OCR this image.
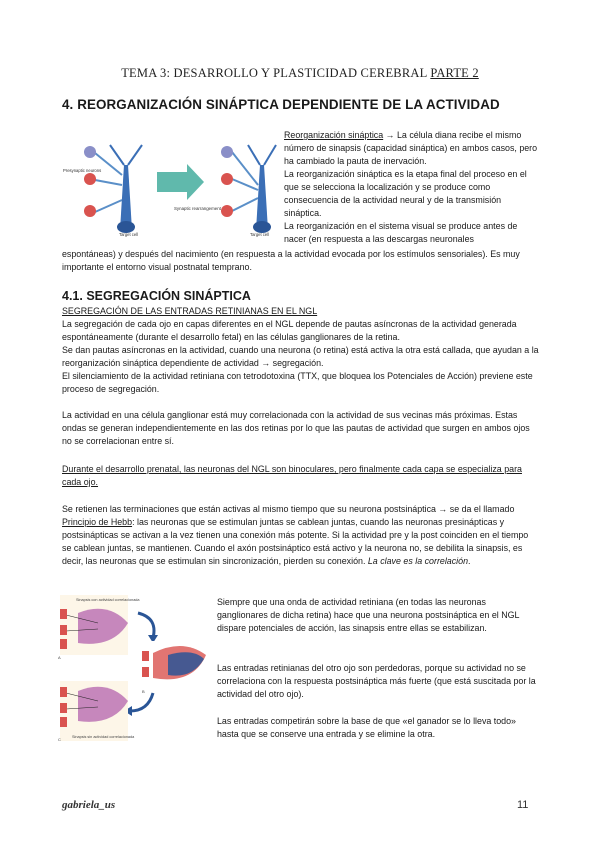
TEMA 3: DESARROLLO Y PLASTICIDAD CEREBRAL PARTE 2
4. REORGANIZACIÓN SINÁPTICA DEPENDIENTE DE LA ACTIVIDAD
Presynaptic neurons
Target cell
Synaptic rearrangement
Target cell
Reorganización sináptica → La célula diana recibe el mismo número de sinapsis (capacidad sináptica) en ambos casos, pero ha cambiado la pauta de inervación.
La reorganización sináptica es la etapa final del proceso en el que se selecciona la localización y se produce como consecuencia de la actividad neural y de la transmisión sináptica.
La reorganización en el sistema visual se produce antes de nacer (en respuesta a las descargas neuronales
espontáneas) y después del nacimiento (en respuesta a la actividad evocada por los estímulos sensoriales). Es muy importante el entorno visual postnatal temprano.
4.1. SEGREGACIÓN SINÁPTICA
SEGREGACIÓN DE LAS ENTRADAS RETINIANAS EN EL NGL
La segregación de cada ojo en capas diferentes en el NGL depende de pautas asíncronas de la actividad generada espontáneamente (durante el desarrollo fetal) en las células ganglionares de la retina.
Se dan pautas asíncronas en la actividad, cuando una neurona (o retina) está activa la otra está callada, que ayudan a la reorganización sináptica dependiente de actividad → segregación.
El silenciamiento de la actividad retiniana con tetrodotoxina (TTX, que bloquea los Potenciales de Acción) previene este proceso de segregación.
La actividad en una célula ganglionar está muy correlacionada con la actividad de sus vecinas más próximas. Estas ondas se generan independientemente en las dos retinas por lo que las pautas de actividad que surgen en ambos ojos no se correlacionan entre sí.
Durante el desarrollo prenatal, las neuronas del NGL son binoculares, pero finalmente cada capa se especializa para cada ojo.
Se retienen las terminaciones que están activas al mismo tiempo que su neurona postsináptica → se da el llamado Principio de Hebb: las neuronas que se estimulan juntas se cablean juntas, cuando las neuronas presinápticas y postsinápticas se activan a la vez tienen una conexión más potente. Si la actividad pre y la post coinciden en el tiempo se cablean juntas, se mantienen. Cuando el axón postsináptico está activo y la neurona no, se debilita la sinapsis, es decir, las neuronas que se estimulan sin sincronización, pierden su conexión. La clave es la correlación.
Sinapsis con actividad correlacionada
A
B
Sinapsis sin actividad correlacionada
C
Siempre que una onda de actividad retiniana (en todas las neuronas ganglionares de dicha retina) hace que una neurona postsináptica en el NGL dispare potenciales de acción, las sinapsis entre ellas se estabilizan.
Las entradas retinianas del otro ojo son perdedoras, porque su actividad no se correlaciona con la respuesta postsináptica más fuerte (que está suscitada por la actividad del otro ojo).
Las entradas competirán sobre la base de que «el ganador se lo lleva todo» hasta que se conserve una entrada y se elimine la otra.
gabriela_us	11
